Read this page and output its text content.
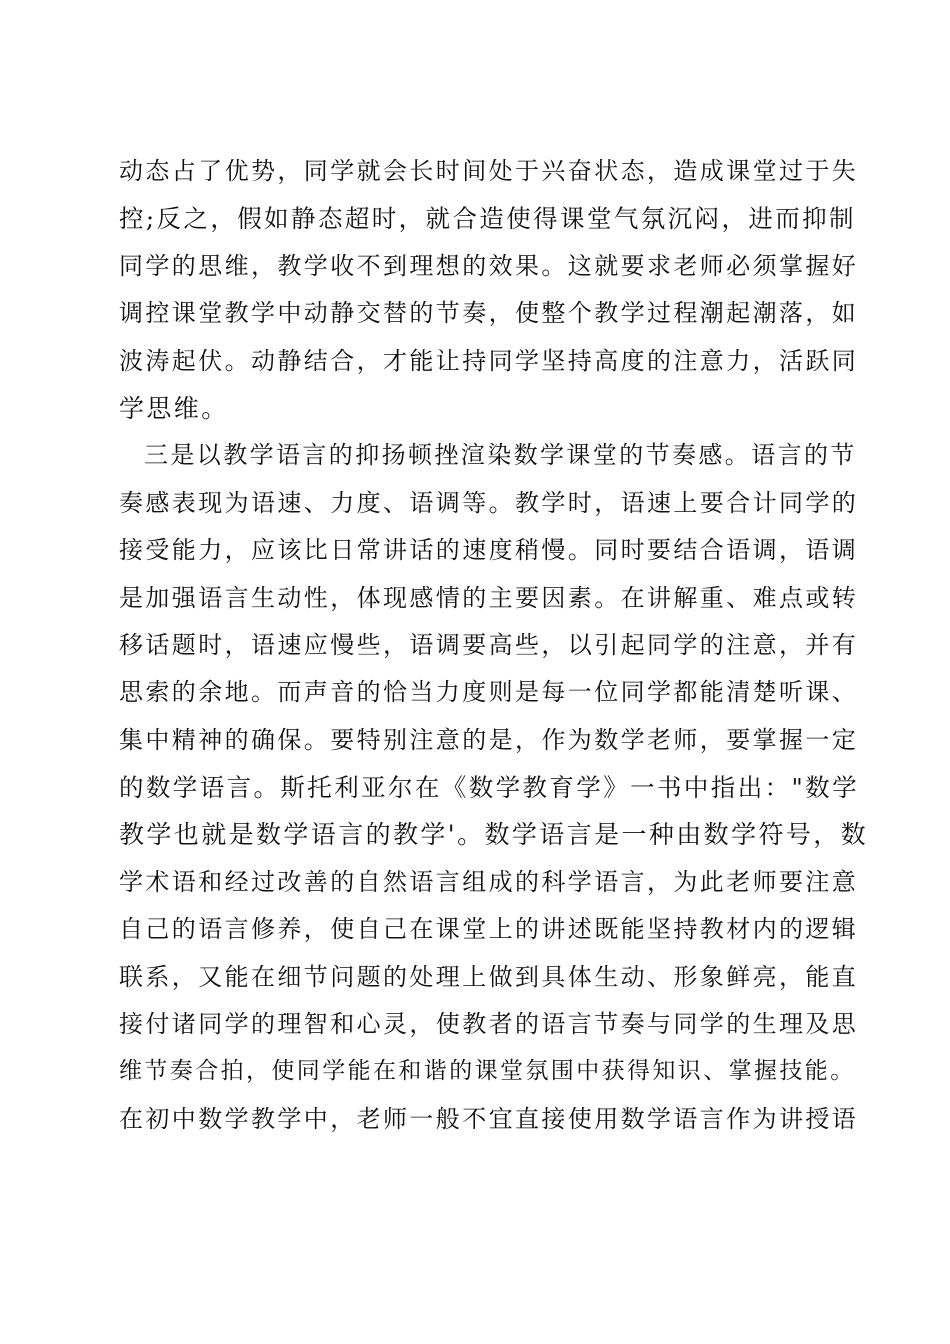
动态占了优势，同学就会长时间处于兴奋状态，造成课堂过于失
控;反之，假如静态超时，就合造使得课堂气氛沉闷，进而抑制
同学的思维，教学收不到理想的效果。这就要求老师必须掌握好
调控课堂教学中动静交替的节奏，使整个教学过程潮起潮落，如
波涛起伏。动静结合，才能让持同学坚持高度的注意力，活跃同
学思维。
三是以教学语言的抑扬顿挫渲染数学课堂的节奏感。语言的节
奏感表现为语速、力度、语调等。教学时，语速上要合计同学的
接受能力，应该比日常讲话的速度稍慢。同时要结合语调，语调
是加强语言生动性，体现感情的主要因素。在讲解重、难点或转
移话题时，语速应慢些，语调要高些，以引起同学的注意，并有
思索的余地。而声音的恰当力度则是每一位同学都能清楚听课、
集中精神的确保。要特别注意的是，作为数学老师，要掌握一定
的数学语言。斯托利亚尔在《数学教育学》一书中指出："数学
教学也就是数学语言的教学'。数学语言是一种由数学符号，数
学术语和经过改善的自然语言组成的科学语言，为此老师要注意
自己的语言修养，使自己在课堂上的讲述既能坚持教材内的逻辑
联系，又能在细节问题的处理上做到具体生动、形象鲜亮，能直
接付诸同学的理智和心灵，使教者的语言节奏与同学的生理及思
维节奏合拍，使同学能在和谐的课堂氛围中获得知识、掌握技能。
在初中数学教学中，老师一般不宜直接使用数学语言作为讲授语
